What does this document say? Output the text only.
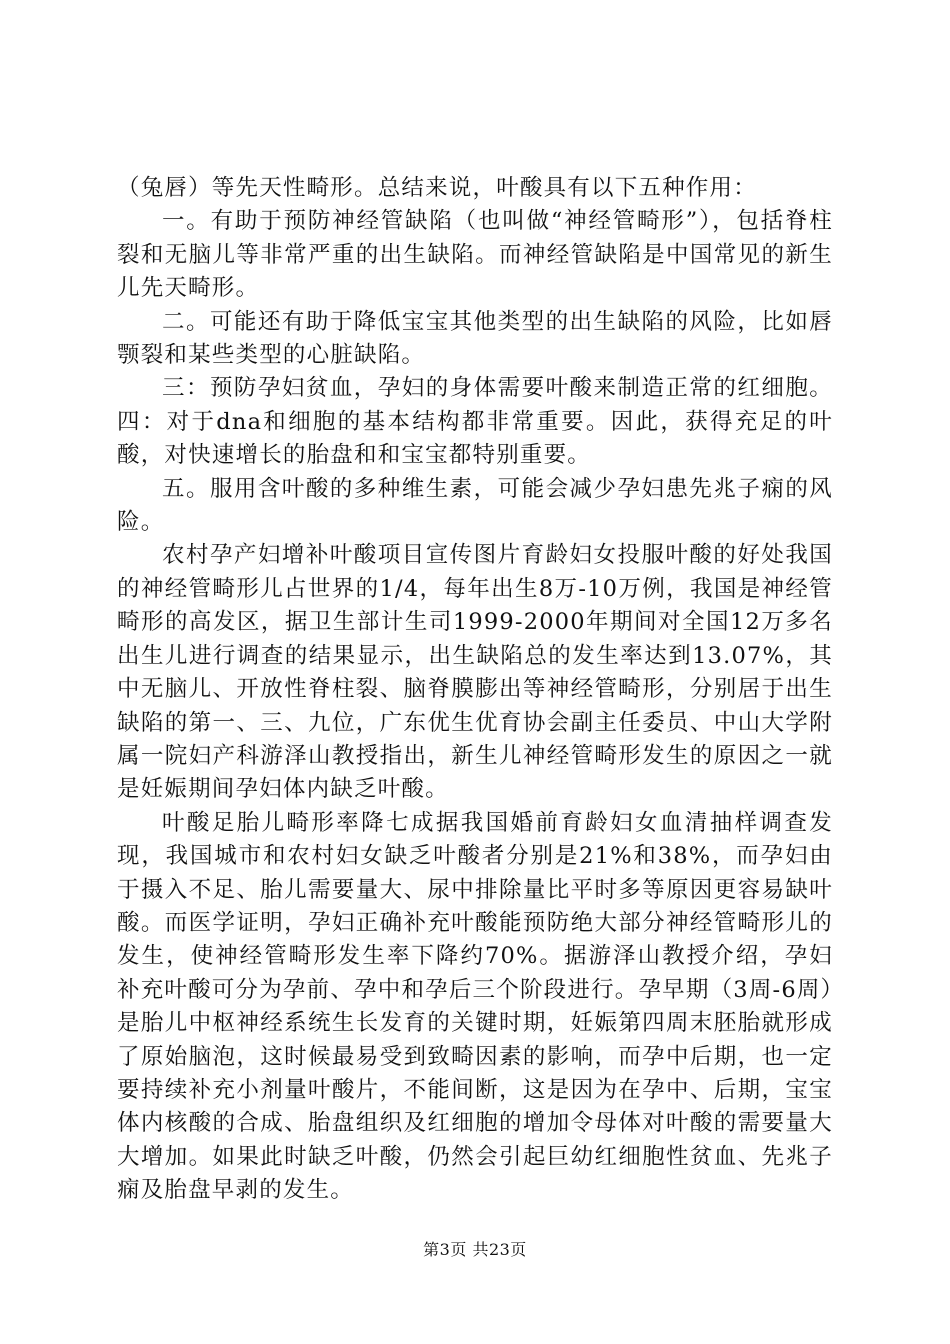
（兔唇）等先天性畸形。总结来说，叶酸具有以下五种作用：

一。有助于预防神经管缺陷（也叫做“神经管畸形”），包括脊柱裂和无脑儿等非常严重的出生缺陷。而神经管缺陷是中国常见的新生儿先天畸形。

二。可能还有助于降低宝宝其他类型的出生缺陷的风险，比如唇颚裂和某些类型的心脏缺陷。

三：预防孕妇贫血，孕妇的身体需要叶酸来制造正常的红细胞。四：对于dna和细胞的基本结构都非常重要。因此，获得充足的叶酸，对快速增长的胎盘和和宝宝都特别重要。

五。服用含叶酸的多种维生素，可能会减少孕妇患先兆子痫的风险。

农村孕产妇增补叶酸项目宣传图片育龄妇女投服叶酸的好处我国的神经管畸形儿占世界的1/4，每年出生8万-10万例，我国是神经管畸形的高发区，据卫生部计生司1999-2000年期间对全国12万多名出生儿进行调查的结果显示，出生缺陷总的发生率达到13.07%，其中无脑儿、开放性脊柱裂、脑脊膜膨出等神经管畸形，分别居于出生缺陷的第一、三、九位，广东优生优育协会副主任委员、中山大学附属一院妇产科游泽山教授指出，新生儿神经管畸形发生的原因之一就是妊娠期间孕妇体内缺乏叶酸。

叶酸足胎儿畸形率降七成据我国婚前育龄妇女血清抽样调查发现，我国城市和农村妇女缺乏叶酸者分别是21%和38%，而孕妇由于摄入不足、胎儿需要量大、尿中排除量比平时多等原因更容易缺叶酸。而医学证明，孕妇正确补充叶酸能预防绝大部分神经管畸形儿的发生，使神经管畸形发生率下降约70%。据游泽山教授介绍，孕妇补充叶酸可分为孕前、孕中和孕后三个阶段进行。孕早期（3周-6周）是胎儿中枢神经系统生长发育的关键时期，妊娠第四周末胚胎就形成了原始脑泡，这时候最易受到致畸因素的影响，而孕中后期，也一定要持续补充小剂量叶酸片，不能间断，这是因为在孕中、后期，宝宝体内核酸的合成、胎盘组织及红细胞的增加令母体对叶酸的需要量大大增加。如果此时缺乏叶酸，仍然会引起巨幼红细胞性贫血、先兆子痫及胎盘早剥的发生。

第3页 共23页
